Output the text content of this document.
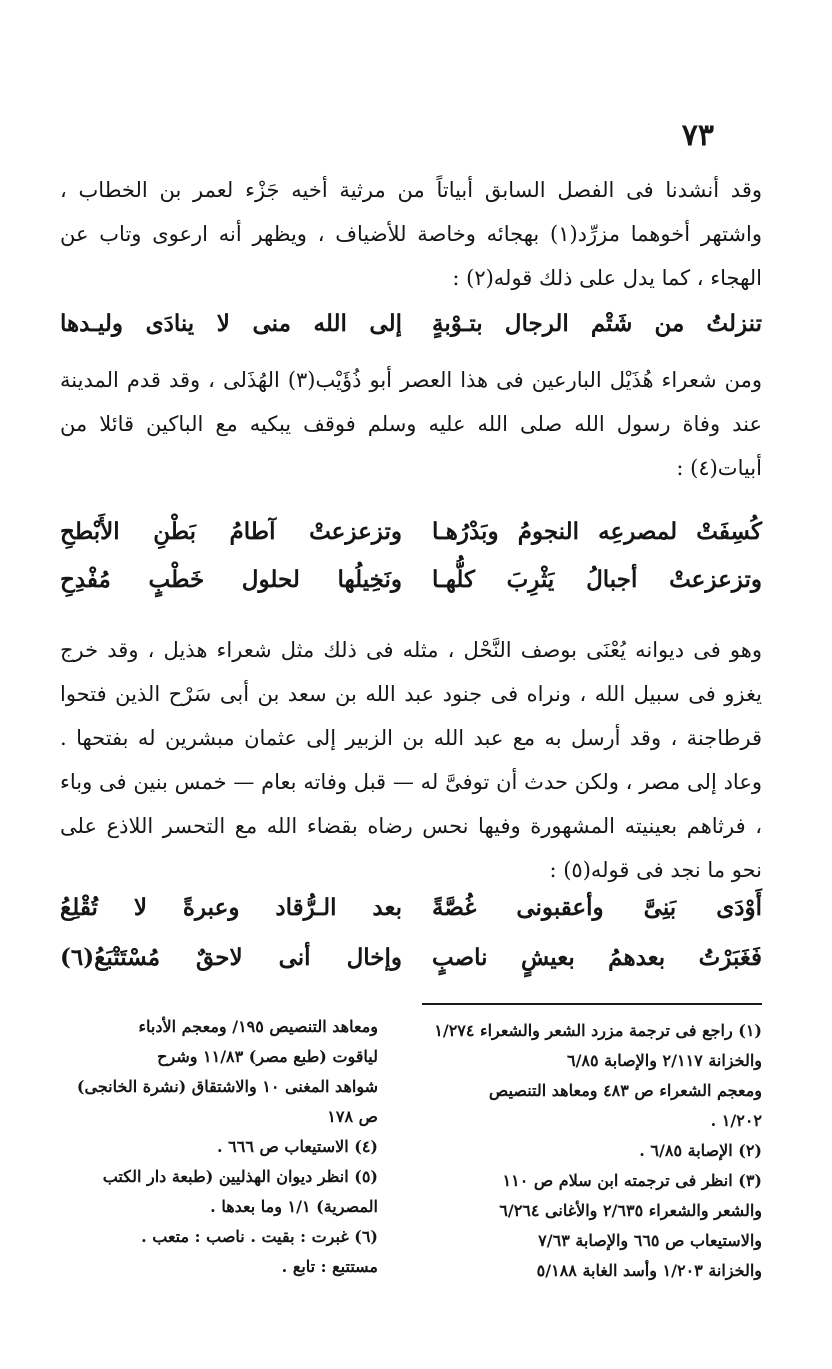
٧٣

وقد أنشدنا فى الفصل السابق أبياتاً من مرثية أخيه جَزْء لعمر بن الخطاب ، واشتهر أخوهما مزرِّد(١) بهجائه وخاصة للأضياف ، ويظهر أنه ارعوى وتاب عن الهجاء ، كما يدل على ذلك قوله(٢) :

تنزلتُ من شَتْم الرجال بتـوْبةٍ
إلى الله منى لا ينادَى وليـدها

ومن شعراء هُذَيْل البارعين فى هذا العصر أبو ذُؤَيْب(٣) الهُذَلى ، وقد قدم المدينة عند وفاة رسول الله صلى الله عليه وسلم فوقف يبكيه مع الباكين قائلا من أبيات(٤) :

كُسِفَتْ لمصرعِه النجومُ وبَدْرُهـا
وتزعزعتْ آطامُ بَطْنِ الأَبْطحِ
وتزعزعتْ أجبالُ يَثْرِبَ كلُّهـا
ونَخِيلُها لحلول خَطْبٍ مُفْدِحِ

وهو فى ديوانه يُعْنَى بوصف النَّحْل ، مثله فى ذلك مثل شعراء هذيل ، وقد خرج يغزو فى سبيل الله ، ونراه فى جنود عبد الله بن سعد بن أبى سَرْح الذين فتحوا قرطاجنة ، وقد أرسل به مع عبد الله بن الزبير إلى عثمان مبشرين له بفتحها . وعاد إلى مصر ، ولكن حدث أن توفىَّ له — قبل وفاته بعام — خمس بنين فى وباء ، فرثاهم بعينيته المشهورة وفيها نحس رضاه بقضاء الله مع التحسر اللاذع على نحو ما نجد فى قوله(٥) :

أَوْدَى بَنِىَّ وأعقبونى غُصَّةً
بعد الـرُّقاد وعبرةً لا تُقْلِعُ
فَغَبَرْتُ بعدهمُ بعيشٍ ناصبٍ
وإخال أنى لاحقٌ مُسْتَتْبَعُ(٦)

(١) راجع فى ترجمة مزرد الشعر والشعراء ١/٢٧٤ والخزانة ٢/١١٧ والإصابة ٦/٨٥

ومعجم الشعراء ص ٤٨٣ ومعاهد التنصيص

١/٢٠٢ .

(٢) الإصابة ٦/٨٥ .

(٣) انظر فى ترجمته ابن سلام ص ١١٠

والشعر والشعراء ٢/٦٣٥ والأغانى ٦/٢٦٤

والاستيعاب ص ٦٦٥ والإصابة ٧/٦٣

والخزانة ١/٢٠٣ وأسد الغابة ٥/١٨٨

ومعاهد التنصيص ١٩٥/ ومعجم الأدباء

لياقوت (طبع مصر) ١١/٨٣ وشرح

شواهد المغنى ١٠ والاشتقاق (نشرة الخانجى)

ص ١٧٨

(٤) الاستيعاب ص ٦٦٦ .

(٥) انظر ديوان الهذليين (طبعة دار الكتب

المصرية) ١/١ وما بعدها .

(٦) غبرت : بقيت . ناصب : متعب .

مستتبع : تابع .
